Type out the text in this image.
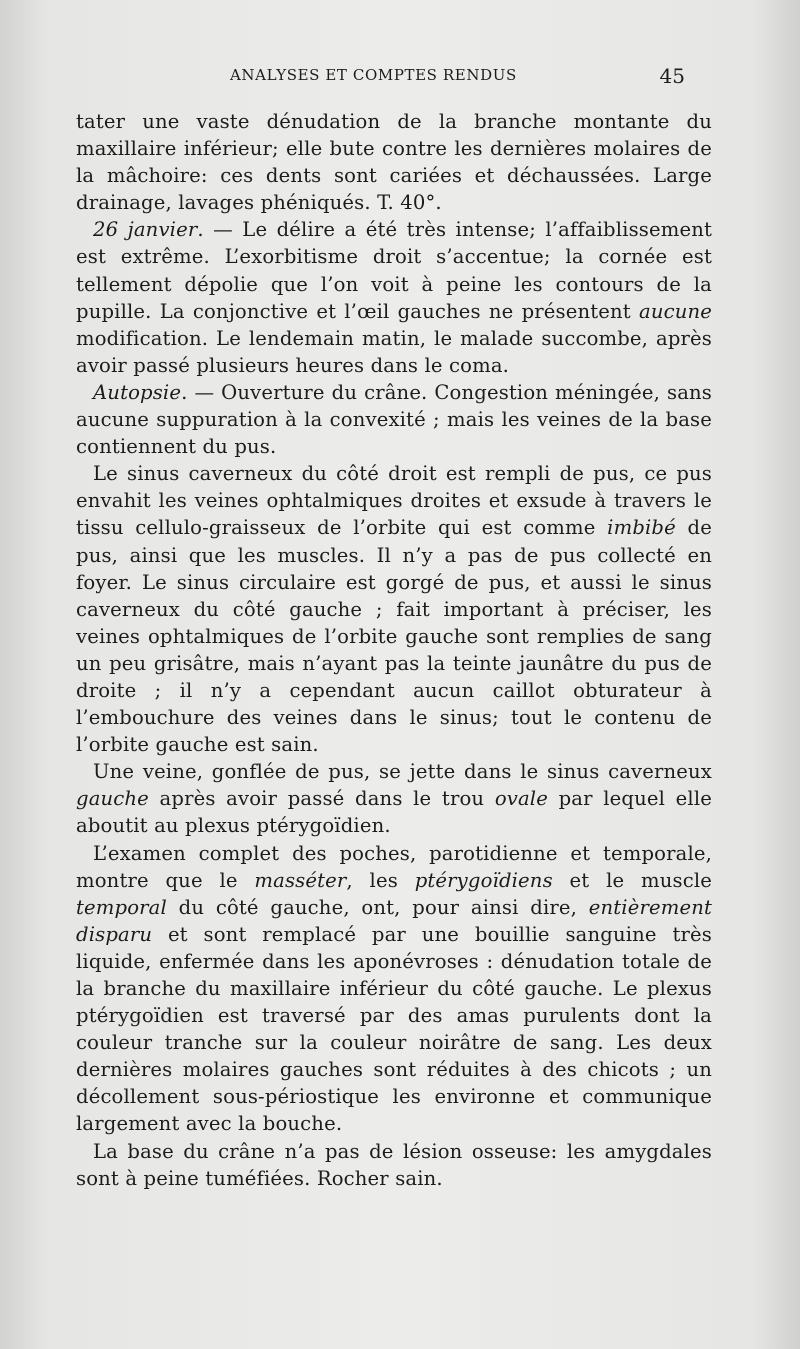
ANALYSES ET COMPTES RENDUS	45

tater une vaste dénudation de la branche montante du maxillaire inférieur; elle bute contre les dernières molaires de la mâchoire: ces dents sont cariées et déchaussées. Large drainage, lavages phéniqués. T. 40°.

26 janvier. — Le délire a été très intense; l’affaiblissement est extrême. L’exorbitisme droit s’accentue; la cornée est tellement dépolie que l’on voit à peine les contours de la pupille. La conjonctive et l’œil gauches ne présentent aucune modification. Le lendemain matin, le malade succombe, après avoir passé plusieurs heures dans le coma.

Autopsie. — Ouverture du crâne. Congestion méningée, sans aucune suppuration à la convexité ; mais les veines de la base contiennent du pus.

Le sinus caverneux du côté droit est rempli de pus, ce pus envahit les veines ophtalmiques droites et exsude à travers le tissu cellulo-graisseux de l’orbite qui est comme imbibé de pus, ainsi que les muscles. Il n’y a pas de pus collecté en foyer. Le sinus circulaire est gorgé de pus, et aussi le sinus caverneux du côté gauche ; fait important à préciser, les veines ophtalmiques de l’orbite gauche sont remplies de sang un peu grisâtre, mais n’ayant pas la teinte jaunâtre du pus de droite ; il n’y a cependant aucun caillot obturateur à l’embouchure des veines dans le sinus; tout le contenu de l’orbite gauche est sain.

Une veine, gonflée de pus, se jette dans le sinus caverneux gauche après avoir passé dans le trou ovale par lequel elle aboutit au plexus ptérygoïdien.

L’examen complet des poches, parotidienne et temporale, montre que le masséter, les ptérygoïdiens et le muscle temporal du côté gauche, ont, pour ainsi dire, entièrement disparu et sont remplacé par une bouillie sanguine très liquide, enfermée dans les aponévroses : dénudation totale de la branche du maxillaire inférieur du côté gauche. Le plexus ptérygoïdien est traversé par des amas purulents dont la couleur tranche sur la couleur noirâtre de sang. Les deux dernières molaires gauches sont réduites à des chicots ; un décollement sous-périostique les environne et communique largement avec la bouche.

La base du crâne n’a pas de lésion osseuse: les amygdales sont à peine tuméfiées. Rocher sain.
